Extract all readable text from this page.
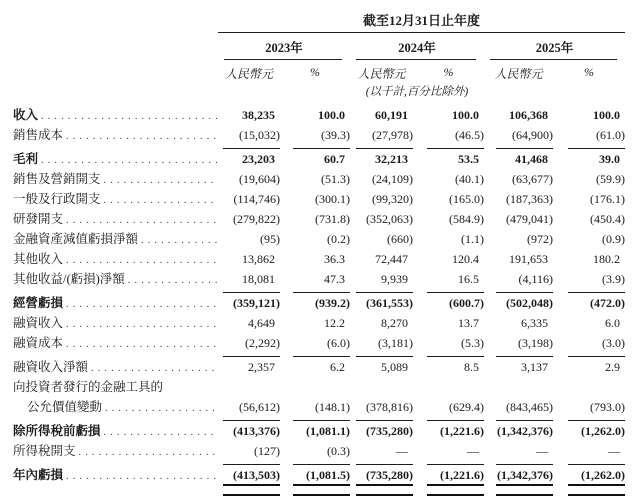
截至12月31日止年度
2023年	2024年	2025年
人民幣元	%	人民幣元	%	人民幣元	%
(以千計,百分比除外)
收入 .....	38,235	100.0	60,191	100.0	106,368	100.0
銷售成本 .....	(15,032)	(39.3)	(27,978)	(46.5)	(64,900)	(61.0)
毛利 .....	23,203	60.7	32,213	53.5	41,468	39.0
銷售及營銷開支 .....	(19,604)	(51.3)	(24,109)	(40.1)	(63,677)	(59.9)
一般及行政開支 .....	(114,746)	(300.1)	(99,320)	(165.0)	(187,363)	(176.1)
研發開支 .....	(279,822)	(731.8)	(352,063)	(584.9)	(479,041)	(450.4)
金融資產減值虧損淨額 .....	(95)	(0.2)	(660)	(1.1)	(972)	(0.9)
其他收入 .....	13,862	36.3	72,447	120.4	191,653	180.2
其他收益/(虧損)淨額 .....	18,081	47.3	9,939	16.5	(4,116)	(3.9)
經營虧損 .....	(359,121)	(939.2)	(361,553)	(600.7)	(502,048)	(472.0)
融資收入 .....	4,649	12.2	8,270	13.7	6,335	6.0
融資成本 .....	(2,292)	(6.0)	(3,181)	(5.3)	(3,198)	(3.0)
融資收入淨額 .....	2,357	6.2	5,089	8.5	3,137	2.9
向投資者發行的金融工具的
公允價值變動 .....	(56,612)	(148.1)	(378,816)	(629.4)	(843,465)	(793.0)
除所得稅前虧損 .....	(413,376)	(1,081.1)	(735,280)	(1,221.6)	(1,342,376)	(1,262.0)
所得稅開支 .....	(127)	(0.3)	—	—	—	—
年內虧損 .....	(413,503)	(1,081.5)	(735,280)	(1,221.6)	(1,342,376)	(1,262.0)
